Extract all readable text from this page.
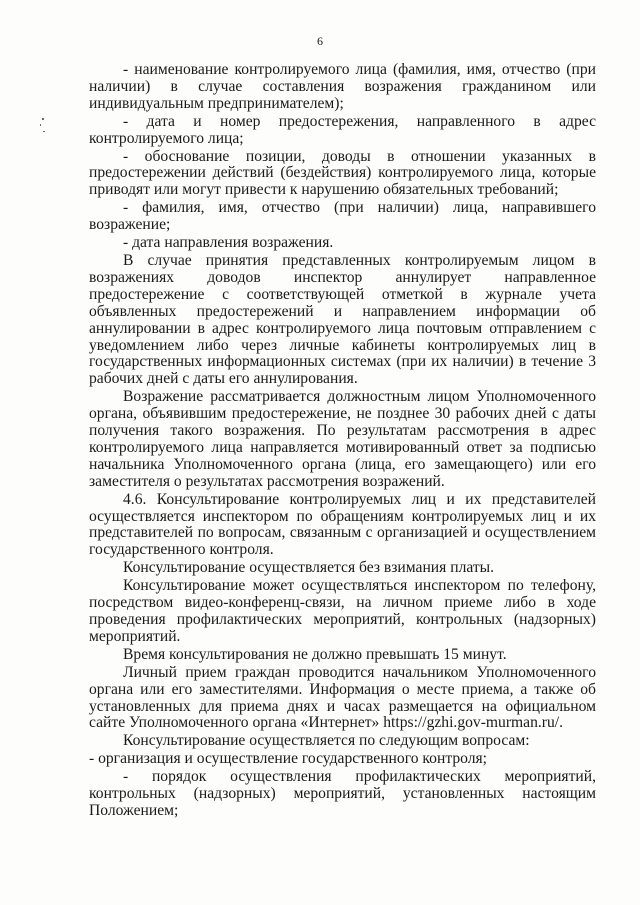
6

- наименование контролируемого лица (фамилия, имя, отчество (при наличии) в случае составления возражения гражданином или индивидуальным предпринимателем);

- дата и номер предостережения, направленного в адрес контролируемого лица;

- обоснование позиции, доводы в отношении указанных в предостережении действий (бездействия) контролируемого лица, которые приводят или могут привести к нарушению обязательных требований;

- фамилия, имя, отчество (при наличии) лица, направившего возражение;

- дата направления возражения.

В случае принятия представленных контролируемым лицом в возражениях доводов инспектор аннулирует направленное предостережение с соответствующей отметкой в журнале учета объявленных предостережений и направлением информации об аннулировании в адрес контролируемого лица почтовым отправлением с уведомлением либо через личные кабинеты контролируемых лиц в государственных информационных системах (при их наличии) в течение 3 рабочих дней с даты его аннулирования.

Возражение рассматривается должностным лицом Уполномоченного органа, объявившим предостережение, не позднее 30 рабочих дней с даты получения такого возражения. По результатам рассмотрения в адрес контролируемого лица направляется мотивированный ответ за подписью начальника Уполномоченного органа (лица, его замещающего) или его заместителя о результатах рассмотрения возражений.

4.6. Консультирование контролируемых лиц и их представителей осуществляется инспектором по обращениям контролируемых лиц и их представителей по вопросам, связанным с организацией и осуществлением государственного контроля.

Консультирование осуществляется без взимания платы.

Консультирование может осуществляться инспектором по телефону, посредством видео-конференц-связи, на личном приеме либо в ходе проведения профилактических мероприятий, контрольных (надзорных) мероприятий.

Время консультирования не должно превышать 15 минут.

Личный прием граждан проводится начальником Уполномоченного органа или его заместителями. Информация о месте приема, а также об установленных для приема днях и часах размещается на официальном сайте Уполномоченного органа «Интернет» https://gzhi.gov-murman.ru/.

Консультирование осуществляется по следующим вопросам:

- организация и осуществление государственного контроля;

- порядок осуществления профилактических мероприятий, контрольных (надзорных) мероприятий, установленных настоящим Положением;
